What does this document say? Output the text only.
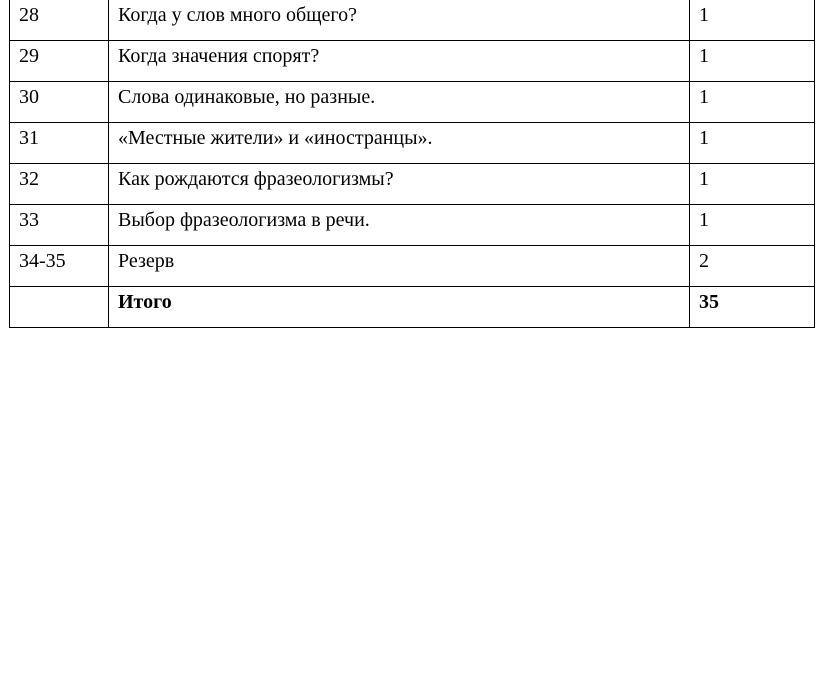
28	Когда у слов много общего?	1

29	Когда значения спорят?	1

30	Слова одинаковые, но разные.	1

31	«Местные жители» и «иностранцы».	1

32	Как рождаются фразеологизмы?	1

33	Выбор фразеологизма в речи.	1

34-35	Резерв	2

	Итого	35
